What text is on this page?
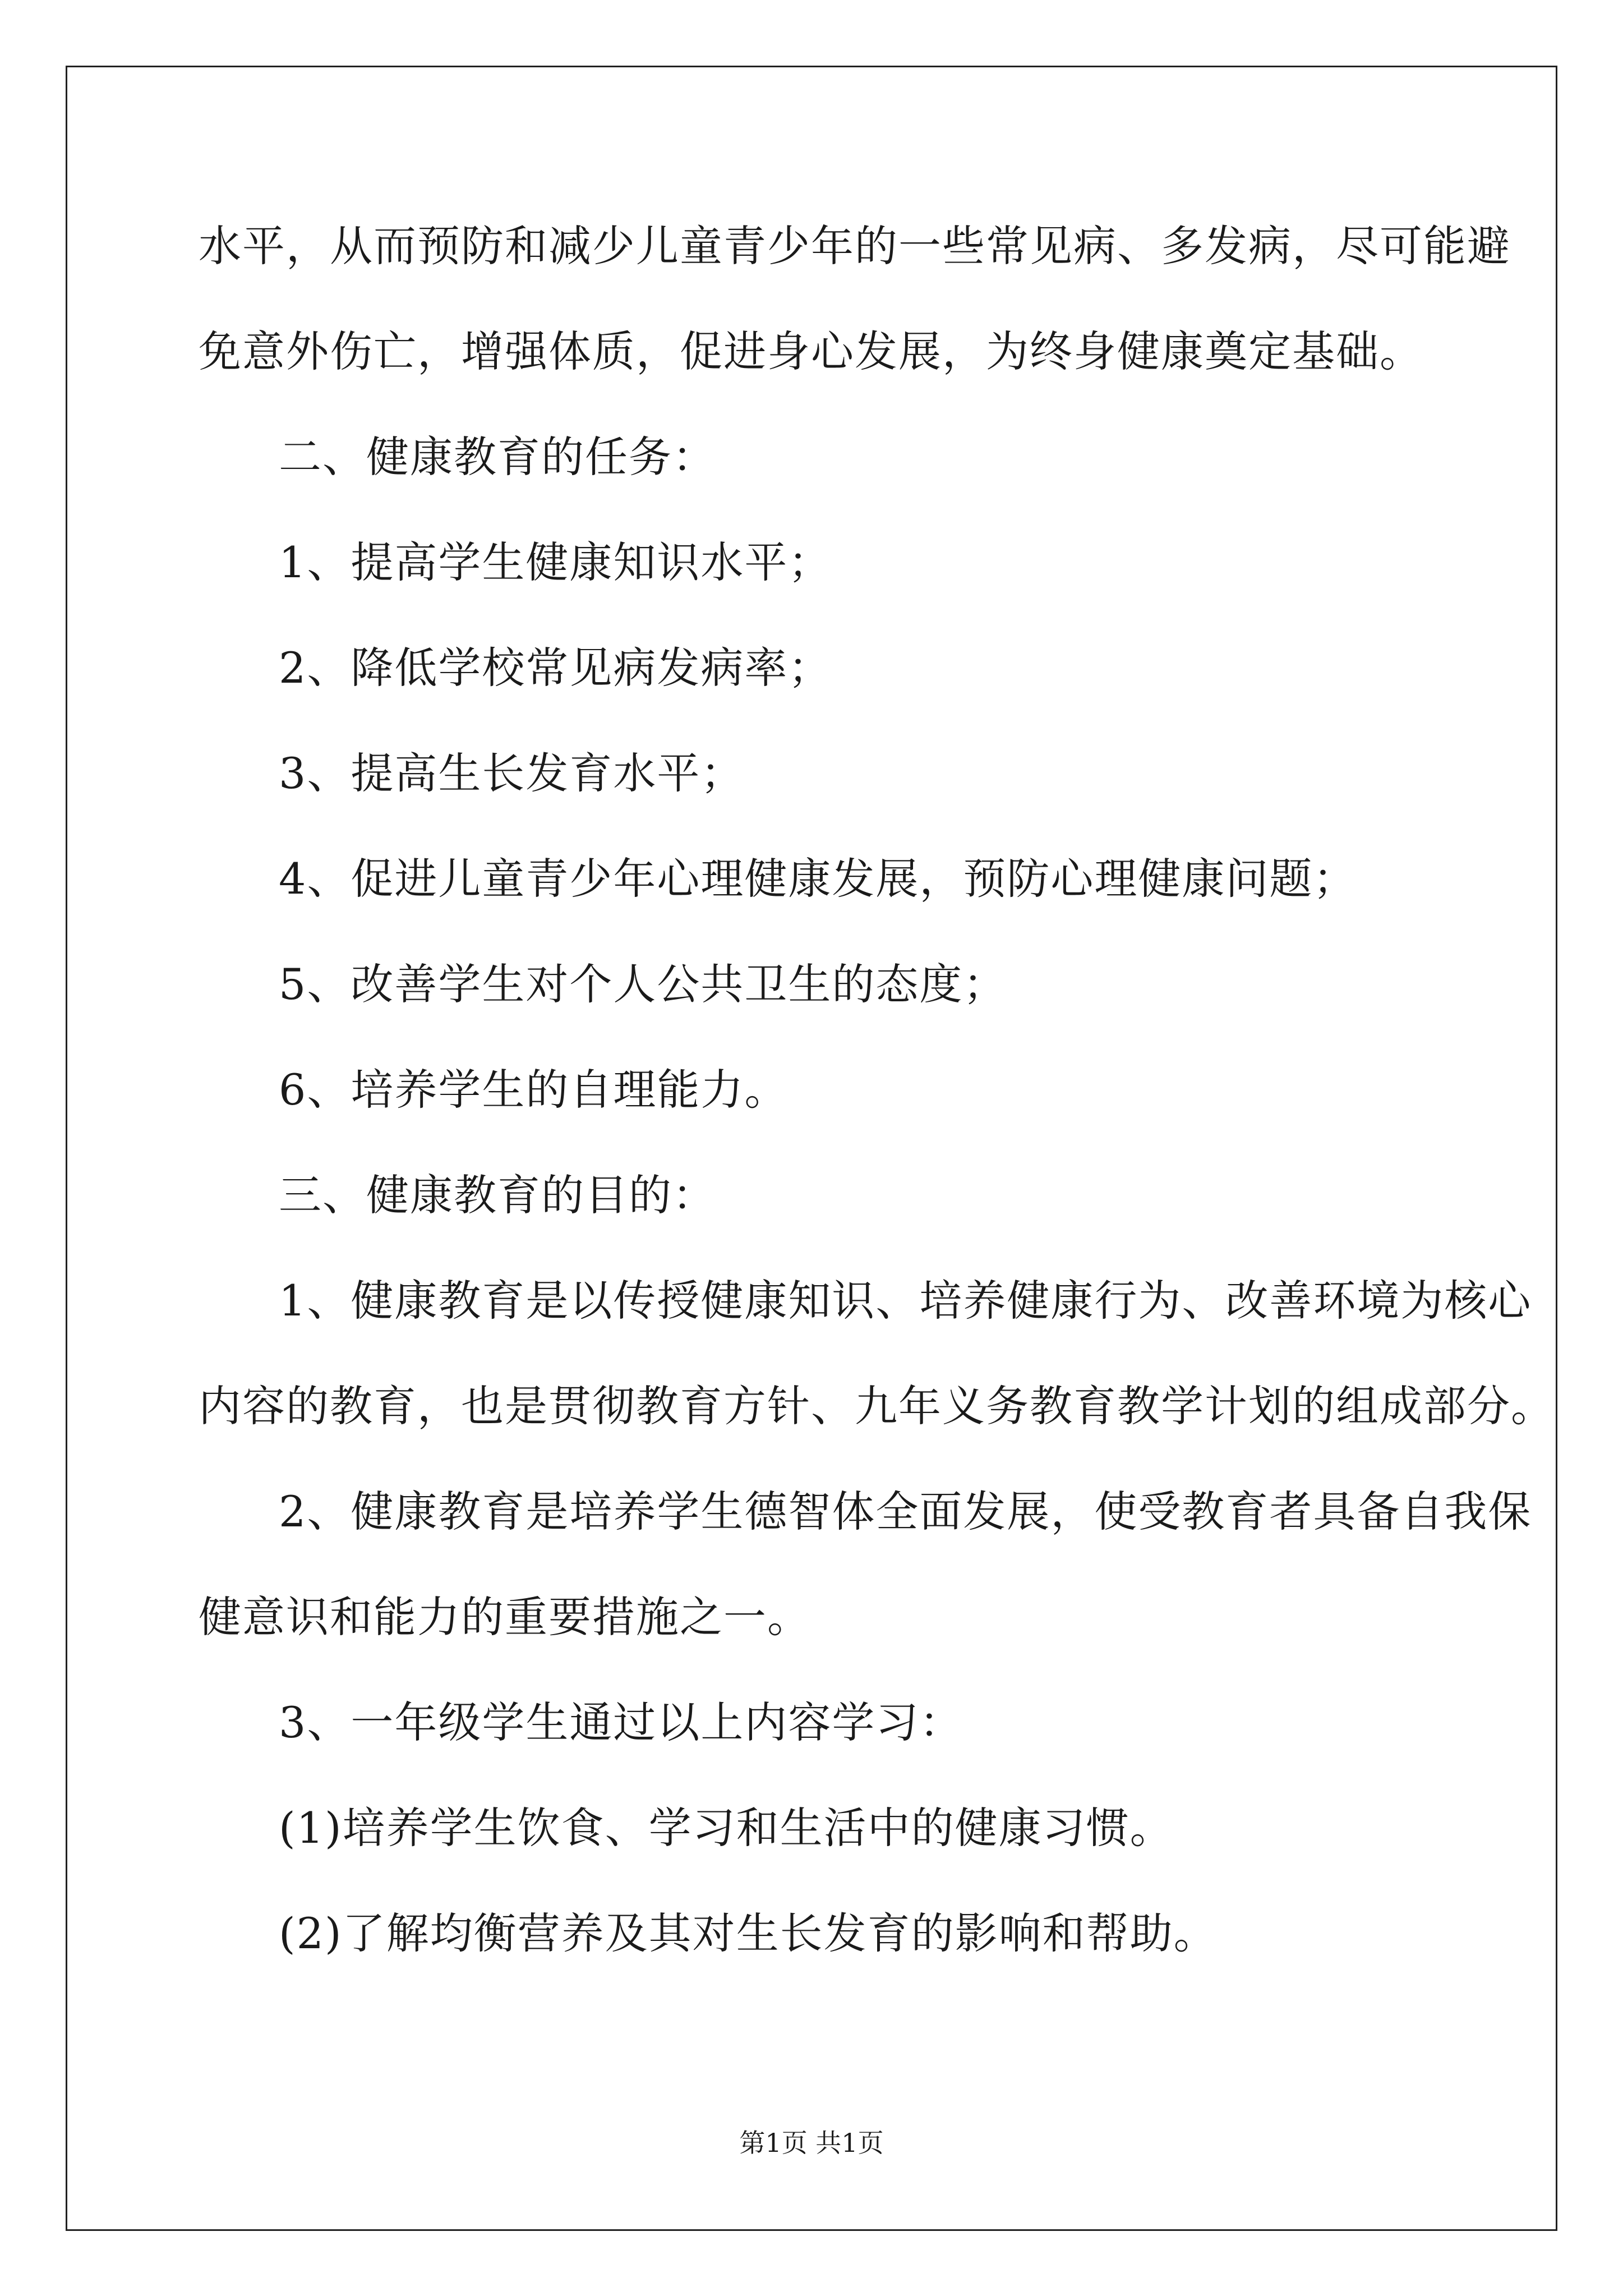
水平，从而预防和减少儿童青少年的一些常见病、多发病，尽可能避
免意外伤亡，增强体质，促进身心发展，为终身健康奠定基础。
二、健康教育的任务：
1、提高学生健康知识水平；
2、降低学校常见病发病率；
3、提高生长发育水平；
4、促进儿童青少年心理健康发展，预防心理健康问题；
5、改善学生对个人公共卫生的态度；
6、培养学生的自理能力。
三、健康教育的目的：
1、健康教育是以传授健康知识、培养健康行为、改善环境为核心
内容的教育，也是贯彻教育方针、九年义务教育教学计划的组成部分。
2、健康教育是培养学生德智体全面发展，使受教育者具备自我保
健意识和能力的重要措施之一。
3、一年级学生通过以上内容学习：
(1)培养学生饮食、学习和生活中的健康习惯。
(2)了解均衡营养及其对生长发育的影响和帮助。
第1页 共1页
